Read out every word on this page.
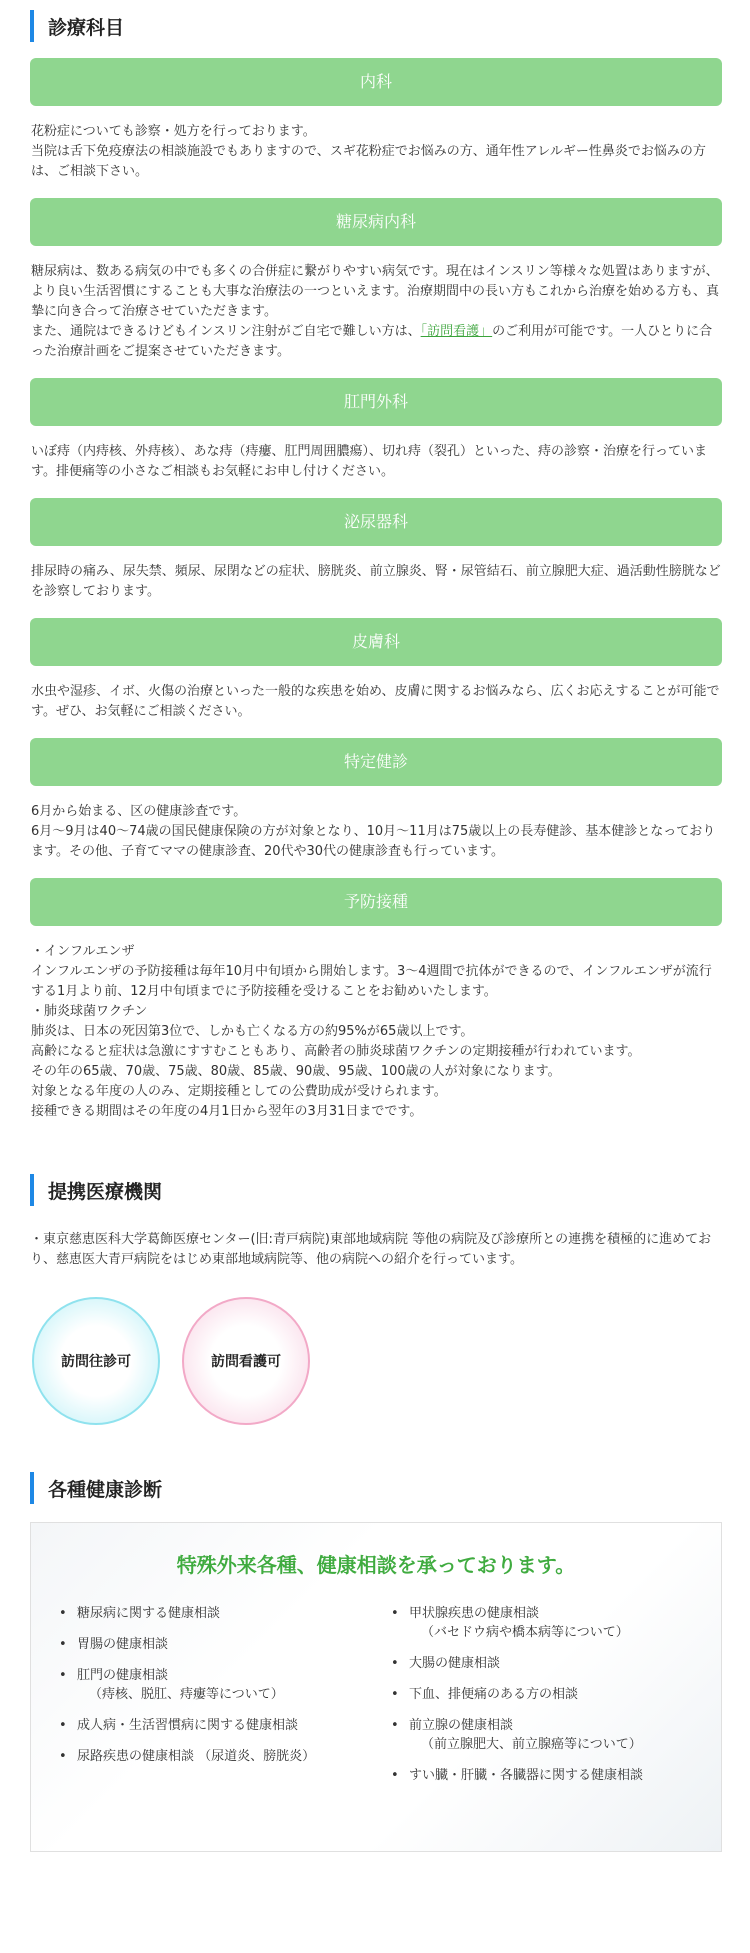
診療科目
内科

花粉症についても診察・処方を行っております。

当院は舌下免疫療法の相談施設でもありますので、スギ花粉症でお悩みの方、通年性アレルギー性鼻炎でお悩みの方は、ご相談下さい。

糖尿病内科

糖尿病は、数ある病気の中でも多くの合併症に繋がりやすい病気です。現在はインスリン等様々な処置はありますが、より良い生活習慣にすることも大事な治療法の一つといえます。治療期間中の長い方もこれから治療を始める方も、真摯に向き合って治療させていただきます。

また、通院はできるけどもインスリン注射がご自宅で難しい方は、「訪問看護」のご利用が可能です。一人ひとりに合った治療計画をご提案させていただきます。

肛門外科

いぼ痔（内痔核、外痔核）、あな痔（痔瘻、肛門周囲膿瘍）、切れ痔（裂孔）といった、痔の診察・治療を行っています。排便痛等の小さなご相談もお気軽にお申し付けください。

泌尿器科

排尿時の痛み、尿失禁、頻尿、尿閉などの症状、膀胱炎、前立腺炎、腎・尿管結石、前立腺肥大症、過活動性膀胱などを診察しております。

皮膚科

水虫や湿疹、イボ、火傷の治療といった一般的な疾患を始め、皮膚に関するお悩みなら、広くお応えすることが可能です。ぜひ、お気軽にご相談ください。

特定健診

6月から始まる、区の健康診査です。

6月〜9月は40〜74歳の国民健康保険の方が対象となり、10月〜11月は75歳以上の長寿健診、基本健診となっております。その他、子育てママの健康診査、20代や30代の健康診査も行っています。

予防接種

・インフルエンザ

インフルエンザの予防接種は毎年10月中旬頃から開始します。3〜4週間で抗体ができるので、インフルエンザが流行する1月より前、12月中旬頃までに予防接種を受けることをお勧めいたします。

・肺炎球菌ワクチン

肺炎は、日本の死因第3位で、しかも亡くなる方の約95%が65歳以上です。

高齢になると症状は急激にすすむこともあり、高齢者の肺炎球菌ワクチンの定期接種が行われています。

その年の65歳、70歳、75歳、80歳、85歳、90歳、95歳、100歳の人が対象になります。

対象となる年度の人のみ、定期接種としての公費助成が受けられます。

接種できる期間はその年度の4月1日から翌年の3月31日までです。

提携医療機関

・東京慈恵医科大学葛飾医療センター(旧:青戸病院)東部地域病院 等他の病院及び診療所との連携を積極的に進めており、慈恵医大青戸病院をはじめ東部地域病院等、他の病院への紹介を行っています。

訪問往診可	訪問看護可
各種健康診断
特殊外来各種、健康相談を承っております。
• 糖尿病に関する健康相談
• 胃腸の健康相談
• 肛門の健康相談
（痔核、脱肛、痔瘻等について）
• 成人病・生活習慣病に関する健康相談
• 尿路疾患の健康相談 （尿道炎、膀胱炎）
• 甲状腺疾患の健康相談
（バセドウ病や橋本病等について）
• 大腸の健康相談
• 下血、排便痛のある方の相談
• 前立腺の健康相談
（前立腺肥大、前立腺癌等について）
• すい臓・肝臓・各臓器に関する健康相談
